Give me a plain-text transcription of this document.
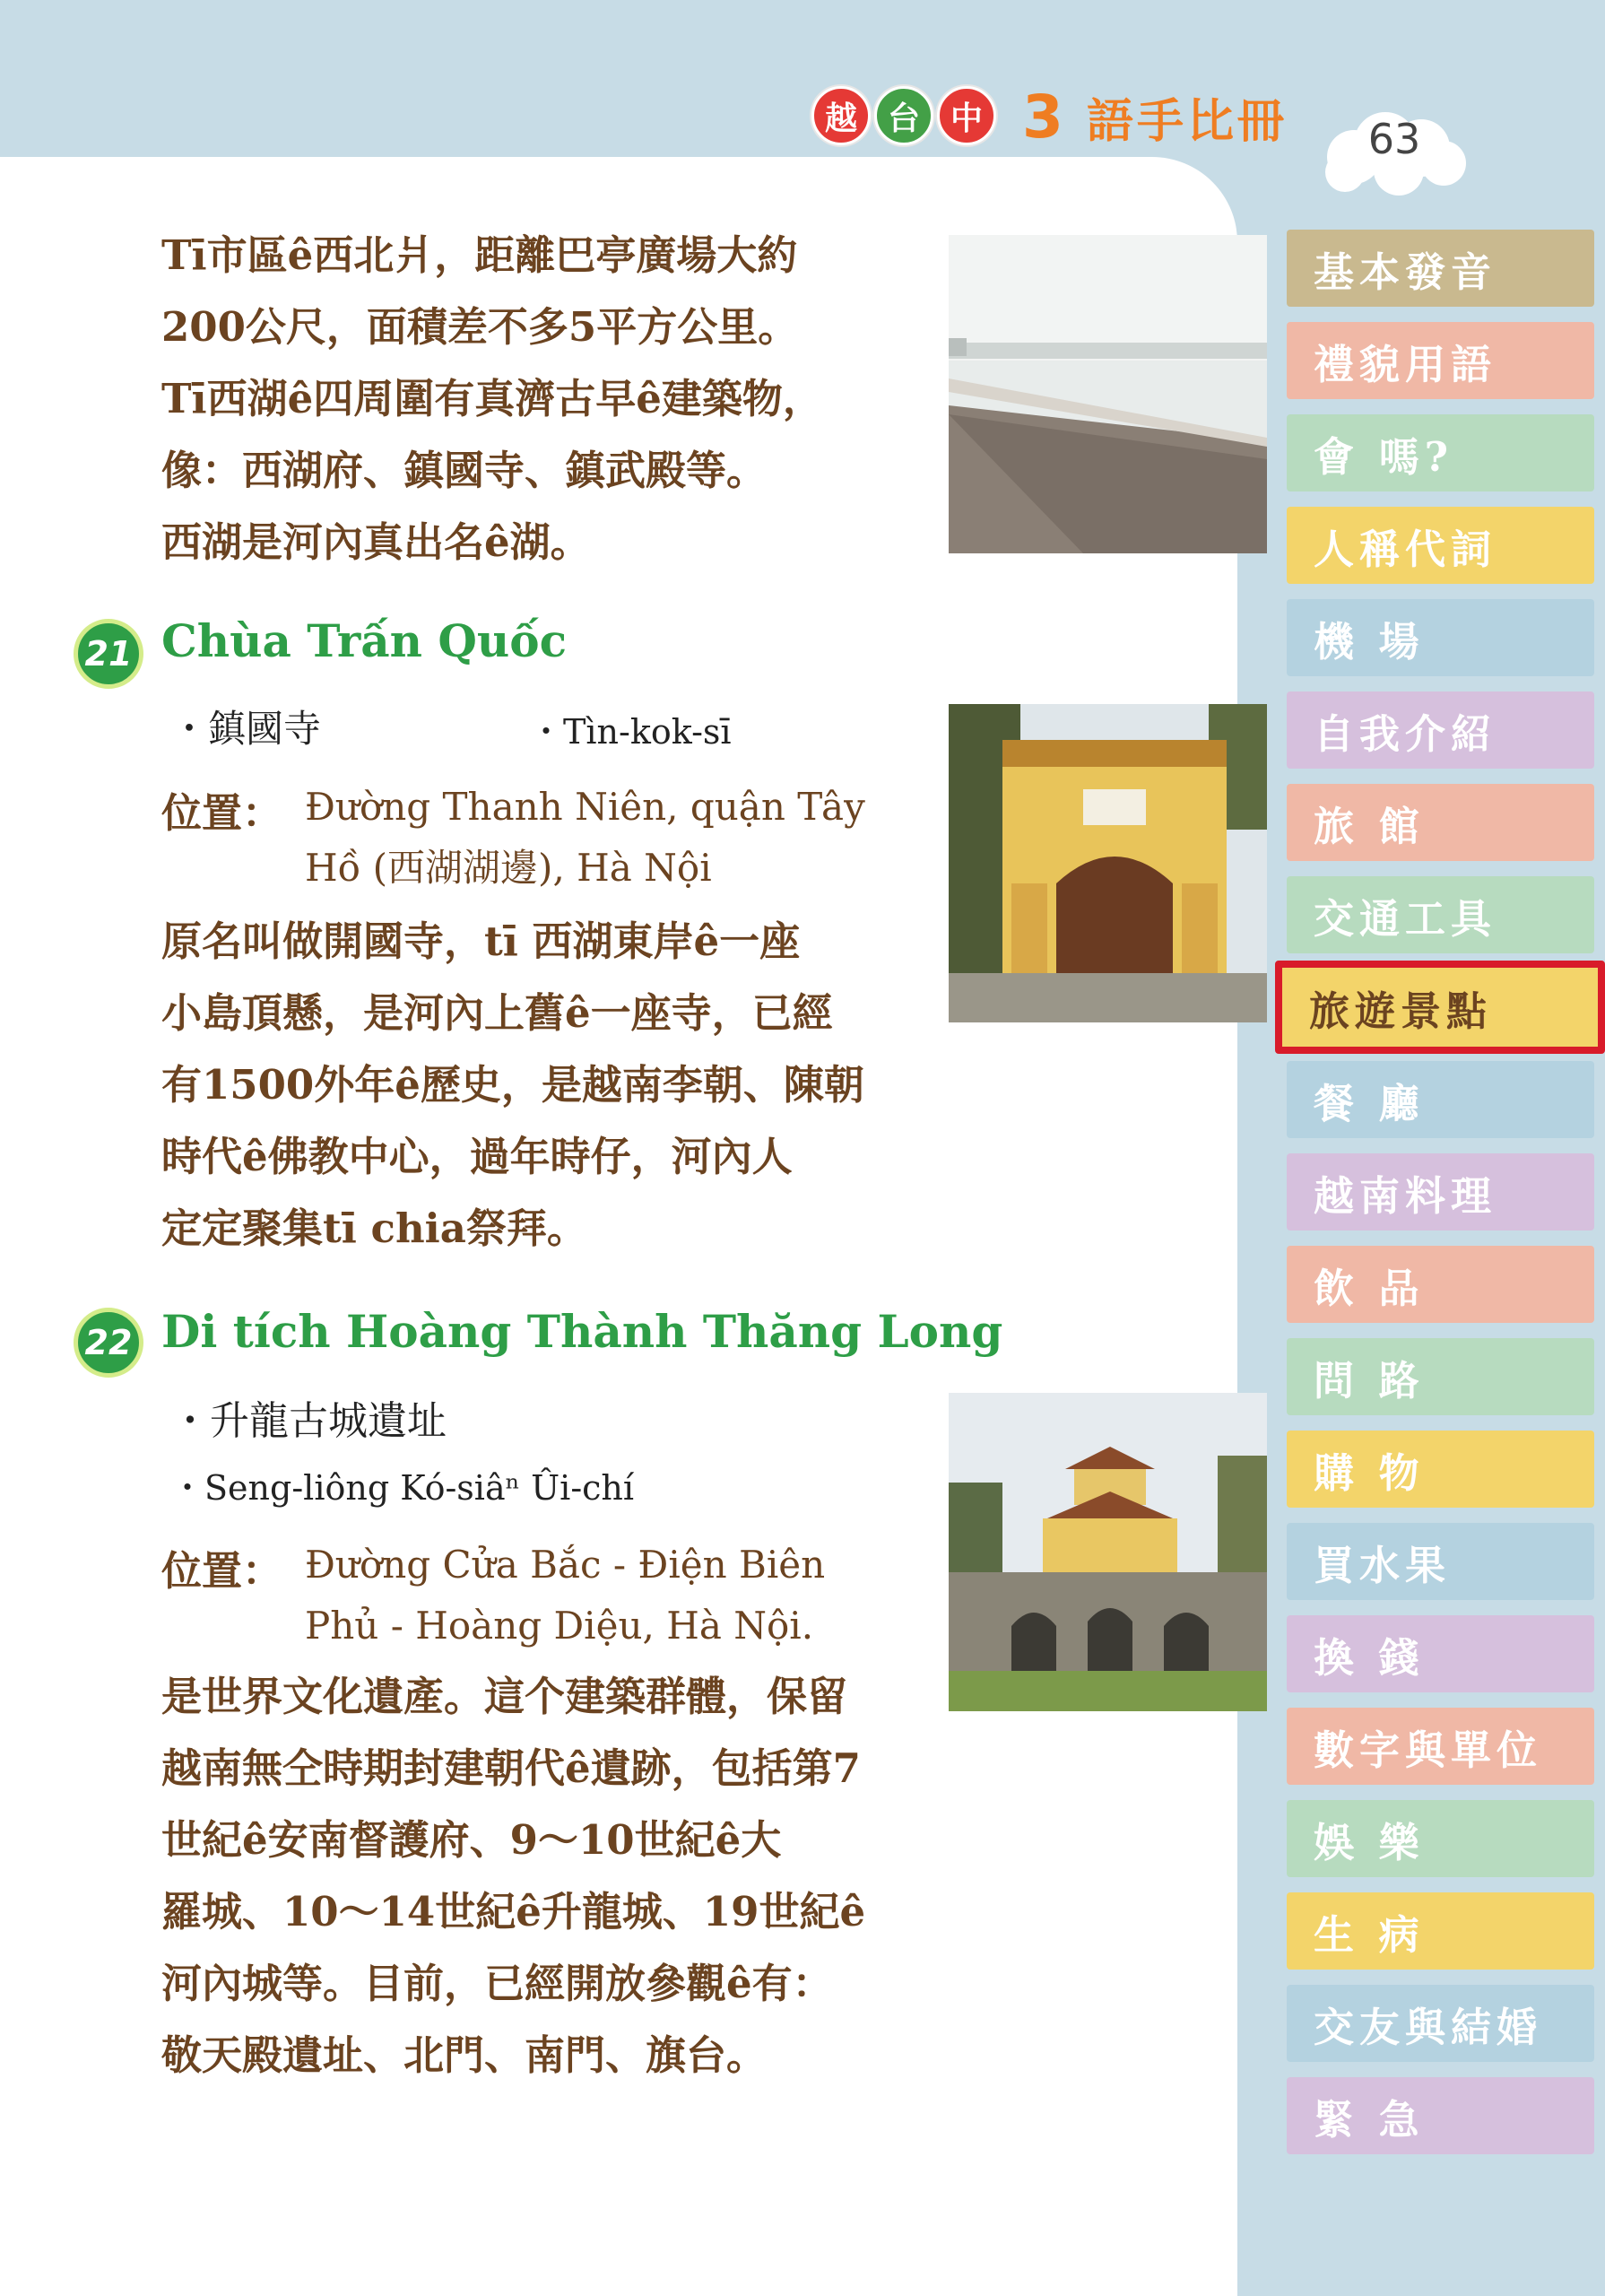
越 台 中 3 語手比冊	63
Tī市區ê西北爿，距離巴亭廣場大約
200公尺，面積差不多5平方公里。
Tī西湖ê四周圍有真濟古早ê建築物，
像：西湖府、鎮國寺、鎮武殿等。
西湖是河內真出名ê湖。
21 Chùa Trấn Quốc
・鎮國寺	・Tìn-kok-sī
位置： Đường Thanh Niên, quận Tây
Hồ (西湖湖邊), Hà Nội
原名叫做開國寺，tī 西湖東岸ê一座
小島頂懸，是河內上舊ê一座寺，已經
有1500外年ê歷史，是越南李朝、陳朝
時代ê佛教中心，過年時仔，河內人
定定聚集tī chia祭拜。
22 Di tích Hoàng Thành Thăng Long
・升龍古城遺址
・Seng-liông Kó-siâⁿ Ûi-chí
位置： Đường Cửa Bắc - Điện Biên
Phủ - Hoàng Diệu, Hà Nội.
是世界文化遺產。這个建築群體，保留
越南無仝時期封建朝代ê遺跡，包括第7
世紀ê安南督護府、9～10世紀ê大
羅城、10～14世紀ê升龍城、19世紀ê
河內城等。目前，已經開放參觀ê有：
敬天殿遺址、北門、南門、旗台。
基本發音
禮貌用語
會 嗎?
人稱代詞
機 場
自我介紹
旅 館
交通工具
旅遊景點
餐 廳
越南料理
飲 品
問 路
購 物
買水果
換 錢
數字與單位
娛 樂
生 病
交友與結婚
緊 急
